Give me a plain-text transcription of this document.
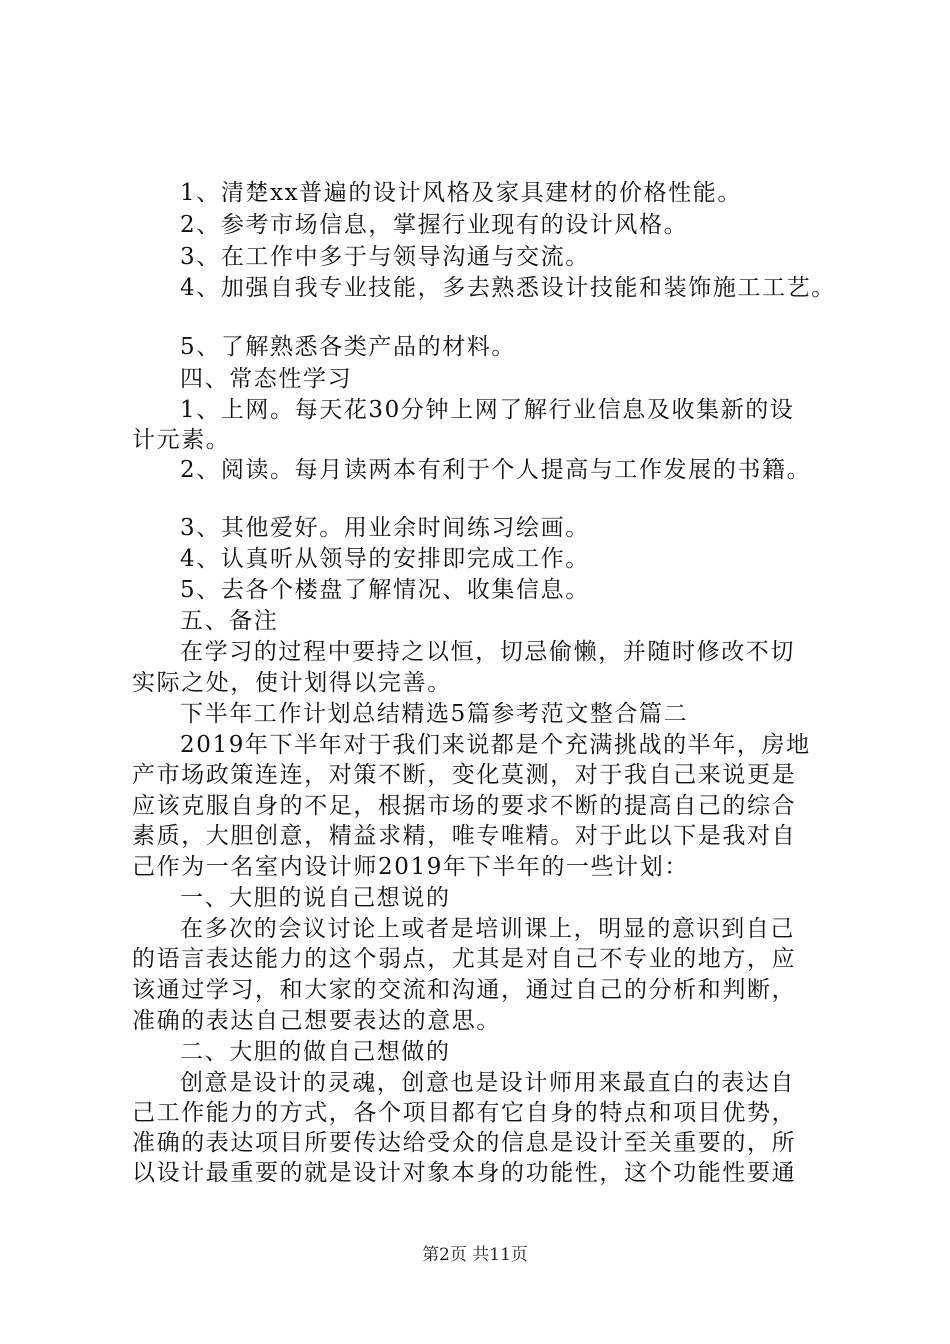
1、清楚xx普遍的设计风格及家具建材的价格性能。
2、参考市场信息，掌握行业现有的设计风格。
3、在工作中多于与领导沟通与交流。
4、加强自我专业技能，多去熟悉设计技能和装饰施工工艺。
5、了解熟悉各类产品的材料。
四、常态性学习
1、上网。每天花30分钟上网了解行业信息及收集新的设
计元素。
2、阅读。每月读两本有利于个人提高与工作发展的书籍。
3、其他爱好。用业余时间练习绘画。
4、认真听从领导的安排即完成工作。
5、去各个楼盘了解情况、收集信息。
五、备注
在学习的过程中要持之以恒，切忌偷懒，并随时修改不切
实际之处，使计划得以完善。
下半年工作计划总结精选5篇参考范文整合篇二
2019年下半年对于我们来说都是个充满挑战的半年，房地
产市场政策连连，对策不断，变化莫测，对于我自己来说更是
应该克服自身的不足，根据市场的要求不断的提高自己的综合
素质，大胆创意，精益求精，唯专唯精。对于此以下是我对自
己作为一名室内设计师2019年下半年的一些计划：
一、大胆的说自己想说的
在多次的会议讨论上或者是培训课上，明显的意识到自己
的语言表达能力的这个弱点，尤其是对自己不专业的地方，应
该通过学习，和大家的交流和沟通，通过自己的分析和判断，
准确的表达自己想要表达的意思。
二、大胆的做自己想做的
创意是设计的灵魂，创意也是设计师用来最直白的表达自
己工作能力的方式，各个项目都有它自身的特点和项目优势，
准确的表达项目所要传达给受众的信息是设计至关重要的，所
以设计最重要的就是设计对象本身的功能性，这个功能性要通
第2页 共11页
